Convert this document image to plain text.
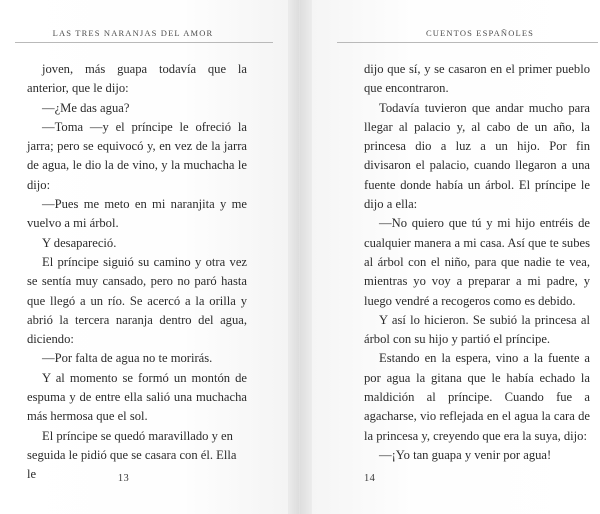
LAS TRES NARANJAS DEL AMOR

joven, más guapa todavía que la anterior, que le dijo:

—¿Me das agua?

—Toma —y el príncipe le ofreció la jarra; pero se equivocó y, en vez de la jarra de agua, le dio la de vino, y la muchacha le dijo:

—Pues me meto en mi naranjita y me vuelvo a mi árbol.

Y desapareció.

El príncipe siguió su camino y otra vez se sentía muy cansado, pero no paró hasta que llegó a un río. Se acercó a la orilla y abrió la tercera naranja dentro del agua, diciendo:

—Por falta de agua no te morirás.

Y al momento se formó un montón de espuma y de entre ella salió una muchacha más hermosa que el sol.

El príncipe se quedó maravillado y en seguida le pidió que se casara con él. Ella le	13
CUENTOS ESPAÑOLES

dijo que sí, y se casaron en el primer pueblo que encontraron.

Todavía tuvieron que andar mucho para llegar al palacio y, al cabo de un año, la princesa dio a luz a un hijo. Por fin divisaron el palacio, cuando llegaron a una fuente donde había un árbol. El príncipe le dijo a ella:

—No quiero que tú y mi hijo entréis de cualquier manera a mi casa. Así que te subes al árbol con el niño, para que nadie te vea, mientras yo voy a preparar a mi padre, y luego vendré a recogeros como es debido.

Y así lo hicieron. Se subió la princesa al árbol con su hijo y partió el príncipe.

Estando en la espera, vino a la fuente a por agua la gitana que le había echado la maldición al príncipe. Cuando fue a agacharse, vio reflejada en el agua la cara de la princesa y, creyendo que era la suya, dijo:

—¡Yo tan guapa y venir por agua!

14
